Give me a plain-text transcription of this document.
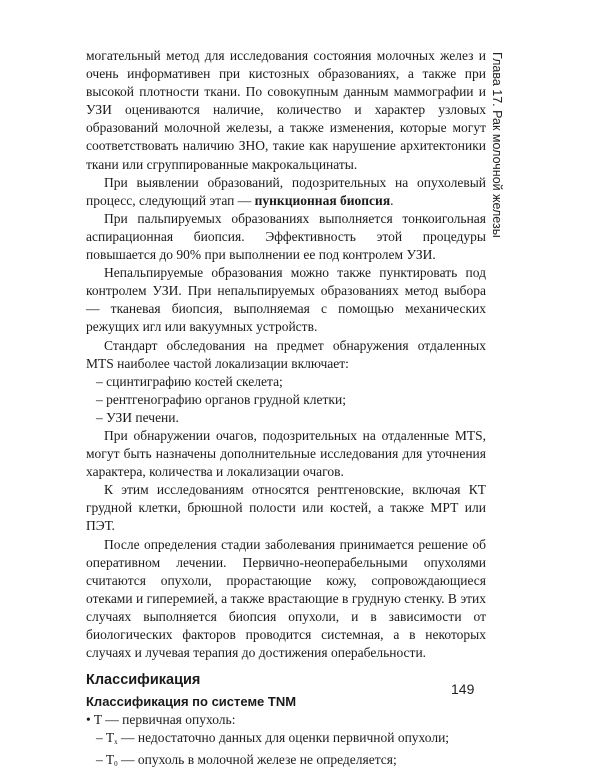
Глава 17. Рак молочной железы

могательный метод для исследования состояния молочных желез и очень информативен при кистозных образованиях, а также при высокой плотности ткани. По совокупным данным маммографии и УЗИ оцениваются наличие, количество и характер узловых образований молочной железы, а также изменения, которые могут соответствовать наличию ЗНО, такие как нарушение архитектоники ткани или сгруппированные макрокальцинаты.

При выявлении образований, подозрительных на опухолевый процесс, следующий этап — пункционная биопсия.

При пальпируемых образованиях выполняется тонкоигольная аспирационная биопсия. Эффективность этой процедуры повышается до 90% при выполнении ее под контролем УЗИ.

Непальпируемые образования можно также пунктировать под контролем УЗИ. При непальпируемых образованиях метод выбора — тканевая биопсия, выполняемая с помощью механических режущих игл или вакуумных устройств.

Стандарт обследования на предмет обнаружения отдаленных MTS наиболее частой локализации включает:

– сцинтиграфию костей скелета;

– рентгенографию органов грудной клетки;

– УЗИ печени.

При обнаружении очагов, подозрительных на отдаленные MTS, могут быть назначены дополнительные исследования для уточнения характера, количества и локализации очагов.

К этим исследованиям относятся рентгеновские, включая КТ грудной клетки, брюшной полости или костей, а также МРТ или ПЭТ.

После определения стадии заболевания принимается решение об оперативном лечении. Первично-неоперабельными опухолями считаются опухоли, прорастающие кожу, сопровождающиеся отеками и гиперемией, а также врастающие в грудную стенку. В этих случаях выполняется биопсия опухоли, и в зависимости от биологических факторов проводится системная, а в некоторых случаях и лучевая терапия до достижения операбельности.

Классификация
Классификация по системе TNM

• T — первичная опухоль:

– $T_x$ — недостаточно данных для оценки первичной опухоли;

– $T_0$ — опухоль в молочной железе не определяется;

149
